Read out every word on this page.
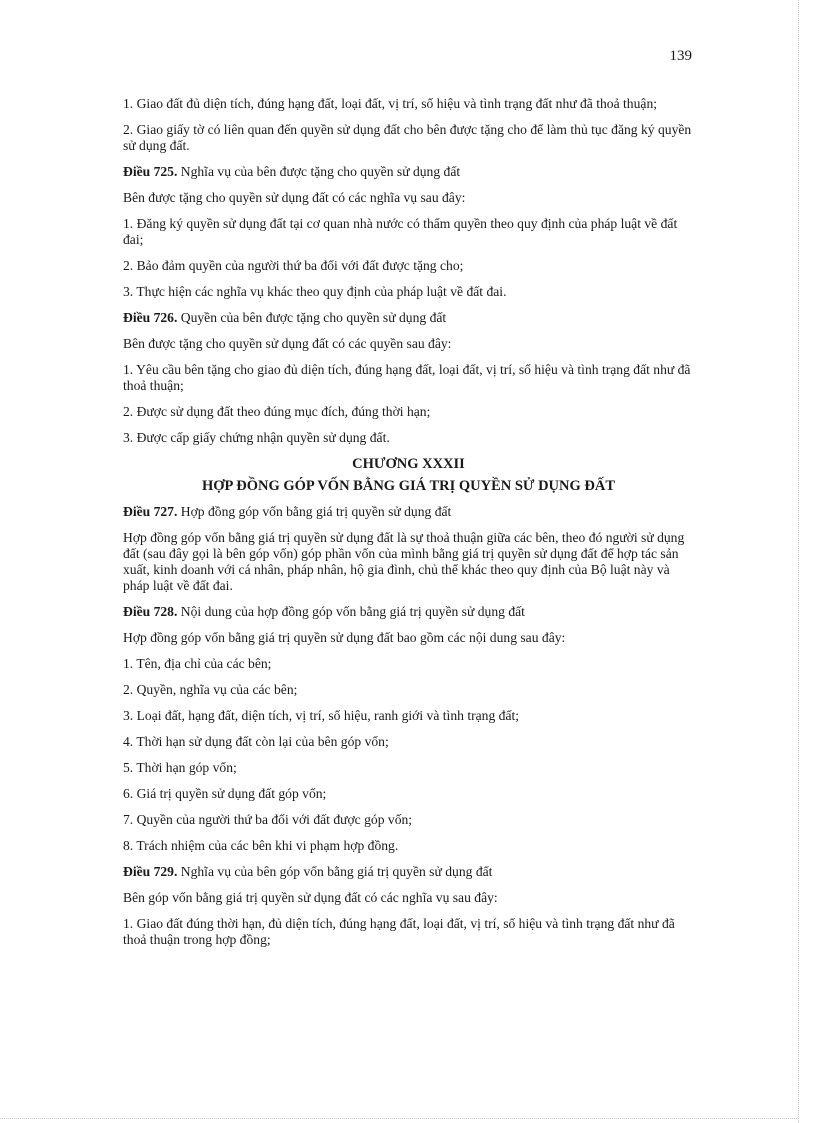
139

1. Giao đất đủ diện tích, đúng hạng đất, loại đất, vị trí, số hiệu và tình trạng đất như đã thoả thuận;

2. Giao giấy tờ có liên quan đến quyền sử dụng đất cho bên được tặng cho để làm thủ tục đăng ký quyền sử dụng đất.

Điều 725. Nghĩa vụ của bên được tặng cho quyền sử dụng đất

Bên được tặng cho quyền sử dụng đất có các nghĩa vụ sau đây:

1. Đăng ký quyền sử dụng đất tại cơ quan nhà nước có thẩm quyền theo quy định của pháp luật về đất đai;

2. Bảo đảm quyền của người thứ ba đối với đất được tặng cho;

3. Thực hiện các nghĩa vụ khác theo quy định của pháp luật về đất đai.

Điều 726. Quyền của bên được tặng cho quyền sử dụng đất

Bên được tặng cho quyền sử dụng đất có các quyền sau đây:

1. Yêu cầu bên tặng cho giao đủ diện tích, đúng hạng đất, loại đất, vị trí, số hiệu và tình trạng đất như đã thoả thuận;

2. Được sử dụng đất theo đúng mục đích, đúng thời hạn;

3. Được cấp giấy chứng nhận quyền sử dụng đất.

CHƯƠNG XXXII

HỢP ĐỒNG GÓP VỐN BẰNG GIÁ TRỊ QUYỀN SỬ DỤNG ĐẤT

Điều 727. Hợp đồng góp vốn bằng giá trị quyền sử dụng đất

Hợp đồng góp vốn bằng giá trị quyền sử dụng đất là sự thoả thuận giữa các bên, theo đó người sử dụng đất (sau đây gọi là bên góp vốn) góp phần vốn của mình bằng giá trị quyền sử dụng đất để hợp tác sản xuất, kinh doanh với cá nhân, pháp nhân, hộ gia đình, chủ thể khác theo quy định của Bộ luật này và pháp luật về đất đai.

Điều 728. Nội dung của hợp đồng góp vốn bằng giá trị quyền sử dụng đất

Hợp đồng góp vốn bằng giá trị quyền sử dụng đất bao gồm các nội dung sau đây:

1. Tên, địa chỉ của các bên;

2. Quyền, nghĩa vụ của các bên;

3. Loại đất, hạng đất, diện tích, vị trí, số hiệu, ranh giới và tình trạng đất;

4. Thời hạn sử dụng đất còn lại của bên góp vốn;

5. Thời hạn góp vốn;

6. Giá trị quyền sử dụng đất góp vốn;

7. Quyền của người thứ ba đối với đất được góp vốn;

8. Trách nhiệm của các bên khi vi phạm hợp đồng.

Điều 729. Nghĩa vụ của bên góp vốn bằng giá trị quyền sử dụng đất

Bên góp vốn bằng giá trị quyền sử dụng đất có các nghĩa vụ sau đây:

1. Giao đất đúng thời hạn, đủ diện tích, đúng hạng đất, loại đất, vị trí, số hiệu và tình trạng đất như đã thoả thuận trong hợp đồng;
